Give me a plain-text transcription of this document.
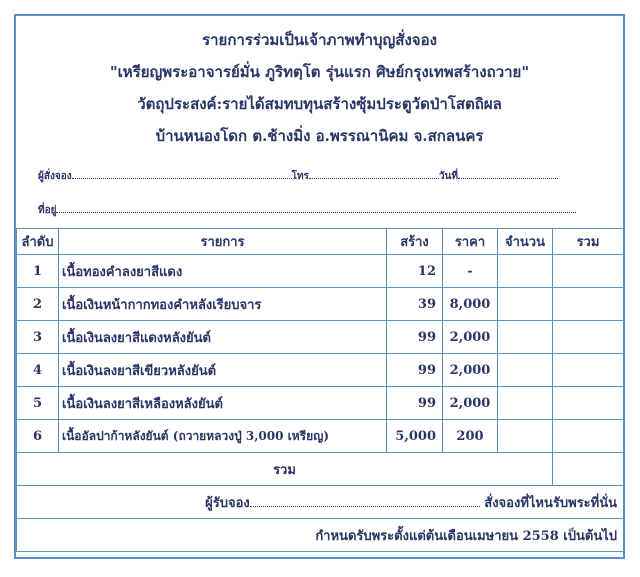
รายการร่วมเป็นเจ้าภาพทำบุญสั่งจอง
"เหรียญพระอาจารย์มั่น ภูริทตฺโต รุ่นแรก ศิษย์กรุงเทพสร้างถวาย"
วัตถุประสงค์:รายได้สมทบทุนสร้างซุ้มประตูวัดป่าโสตถิผล
บ้านหนองโดก ต.ช้างมิ่ง อ.พรรณานิคม จ.สกลนคร
ผู้สั่งจอง	โทร	วันที่
ที่อยู่
ลำดับ	รายการ	สร้าง	ราคา	จำนวน	รวม
1	เนื้อทองคำลงยาสีแดง	12	-		
2	เนื้อเงินหน้ากากทองคำหลังเรียบจาร	39	8,000		
3	เนื้อเงินลงยาสีแดงหลังยันต์	99	2,000		
4	เนื้อเงินลงยาสีเขียวหลังยันต์	99	2,000		
5	เนื้อเงินลงยาสีเหลืองหลังยันต์	99	2,000		
6	เนื้ออัลปาก้าหลังยันต์ (ถวายหลวงปู่ 3,000 เหรียญ)	5,000	200		
รวม					
ผู้รับจอง สั่งจองที่ไหนรับพระที่นั่น					
กำหนดรับพระตั้งแต่ต้นเดือนเมษายน 2558 เป็นต้นไป					
